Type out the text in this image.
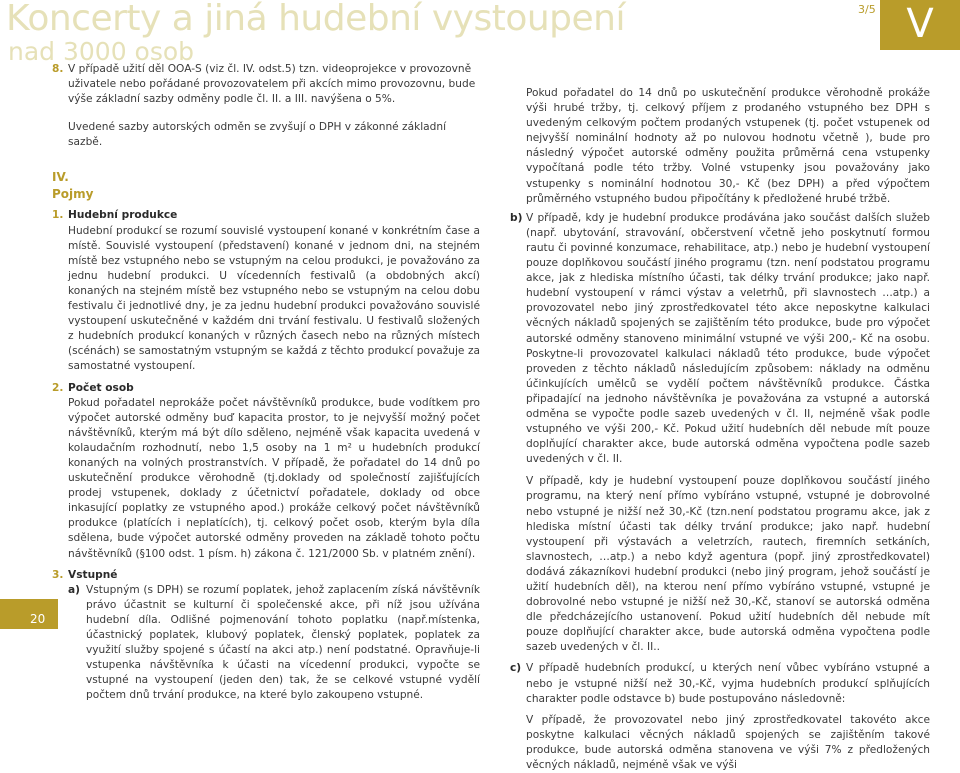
Koncerty a jiná hudební vystoupení
nad 3000 osob
3/5 V

8. V případě užití děl OOA-S (viz čl. IV. odst.5) tzn. videoprojekce v provozovně uživatele nebo pořádané provozovatelem při akcích mimo provozovnu, bude výše základní sazby odměny podle čl. II. a III. navýšena o 5%.

Uvedené sazby autorských odměn se zvyšují o DPH v zákonné základní sazbě.

IV.
Pojmy

1. Hudební produkce

Hudební produkcí se rozumí souvislé vystoupení konané v konkrétním čase a místě. Souvislé vystoupení (představení) konané v jednom dni, na stejném místě bez vstupného nebo se vstupným na celou produkci, je považováno za jednu hudební produkci. U vícedenních festivalů (a obdobných akcí) konaných na stejném místě bez vstupného nebo se vstupným na celou dobu festivalu či jednotlivé dny, je za jednu hudební produkci považováno souvislé vystoupení uskutečněné v každém dni trvání festivalu. U festivalů složených z hudebních produkcí konaných v různých časech nebo na různých místech (scénách) se samostatným vstupným se každá z těchto produkcí považuje za samostatné vystoupení.

2. Počet osob

Pokud pořadatel neprokáže počet návštěvníků produkce, bude vodítkem pro výpočet autorské odměny buď kapacita prostor, to je nejvyšší možný počet návštěvníků, kterým má být dílo sděleno, nejméně však kapacita uvedená v kolaudačním rozhodnutí, nebo 1,5 osoby na 1 m² u hudebních produkcí konaných na volných prostranstvích. V případě, že pořadatel do 14 dnů po uskutečnění produkce věrohodně (tj.doklady od společností zajišťujících prodej vstupenek, doklady z účetnictví pořadatele, doklady od obce inkasující poplatky ze vstupného apod.) prokáže celkový počet návštěvníků produkce (platících i neplatících), tj. celkový počet osob, kterým byla díla sdělena, bude výpočet autorské odměny proveden na základě tohoto počtu návštěvníků (§100 odst. 1 písm. h) zákona č. 121/2000 Sb. v platném znění).

3. Vstupné

a) Vstupným (s DPH) se rozumí poplatek, jehož zaplacením získá návštěvník právo účastnit se kulturní či společenské akce, při níž jsou užívána hudební díla. Odlišné pojmenování tohoto poplatku (např.místenka, účastnický poplatek, klubový poplatek, členský poplatek, poplatek za využití služby spojené s účastí na akci atp.) není podstatné. Opravňuje-li vstupenka návštěvníka k účasti na vícedenní produkci, vypočte se vstupné na vystoupení (jeden den) tak, že se celkové vstupné vydělí počtem dnů trvání produkce, na které bylo zakoupeno vstupné.

Pokud pořadatel do 14 dnů po uskutečnění produkce věrohodně prokáže výši hrubé tržby, tj. celkový příjem z prodaného vstupného bez DPH s uvedeným celkovým počtem prodaných vstupenek (tj. počet vstupenek od nejvyšší nominální hodnoty až po nulovou hodnotu včetně ), bude pro následný výpočet autorské odměny použita průměrná cena vstupenky vypočítaná podle této tržby. Volné vstupenky jsou považovány jako vstupenky s nominální hodnotou 30,- Kč (bez DPH) a před výpočtem průměrného vstupného budou připočítány k předložené hrubé tržbě.

b) V případě, kdy je hudební produkce prodávána jako součást dalších služeb (např. ubytování, stravování, občerstvení včetně jeho poskytnutí formou rautu či povinné konzumace, rehabilitace, atp.) nebo je hudební vystoupení pouze doplňkovou součástí jiného programu (tzn. není podstatou programu akce, jak z hlediska místního účasti, tak délky trvání produkce; jako např. hudební vystoupení v rámci výstav a veletrhů, při slavnostech …atp.) a provozovatel nebo jiný zprostředkovatel této akce neposkytne kalkulaci věcných nákladů spojených se zajištěním této produkce, bude pro výpočet autorské odměny stanoveno minimální vstupné ve výši 200,- Kč na osobu. Poskytne-li provozovatel kalkulaci nákladů této produkce, bude výpočet proveden z těchto nákladů následujícím způsobem: náklady na odměnu účinkujících umělců se vydělí počtem návštěvníků produkce. Částka připadající na jednoho návštěvníka je považována za vstupné a autorská odměna se vypočte podle sazeb uvedených v čl. II, nejméně však podle vstupného ve výši 200,- Kč. Pokud užití hudebních děl nebude mít pouze doplňující charakter akce, bude autorská odměna vypočtena podle sazeb uvedených v čl. II.

V případě, kdy je hudební vystoupení pouze doplňkovou součástí jiného programu, na který není přímo vybíráno vstupné, vstupné je dobrovolné nebo vstupné je nižší než 30,-Kč (tzn.není podstatou programu akce, jak z hlediska místní účasti tak délky trvání produkce; jako např. hudební vystoupení při výstavách a veletrzích, rautech, firemních setkáních, slavnostech, …atp.) a nebo když agentura (popř. jiný zprostředkovatel) dodává zákazníkovi hudební produkci (nebo jiný program, jehož součástí je užití hudebních děl), na kterou není přímo vybíráno vstupné, vstupné je dobrovolné nebo vstupné je nižší než 30,-Kč, stanoví se autorská odměna dle předcházejícího ustanovení. Pokud užití hudebních děl nebude mít pouze doplňující charakter akce, bude autorská odměna vypočtena podle sazeb uvedených v čl. II..

c) V případě hudebních produkcí, u kterých není vůbec vybíráno vstupné a nebo je vstupné nižší než 30,-Kč, vyjma hudebních produkcí splňujících charakter podle odstavce b) bude postupováno následovně:

V případě, že provozovatel nebo jiný zprostředkovatel takovéto akce poskytne kalkulaci věcných nákladů spojených se zajištěním takové produkce, bude autorská odměna stanovena ve výši 7% z předložených věcných nákladů, nejméně však ve výši

20
